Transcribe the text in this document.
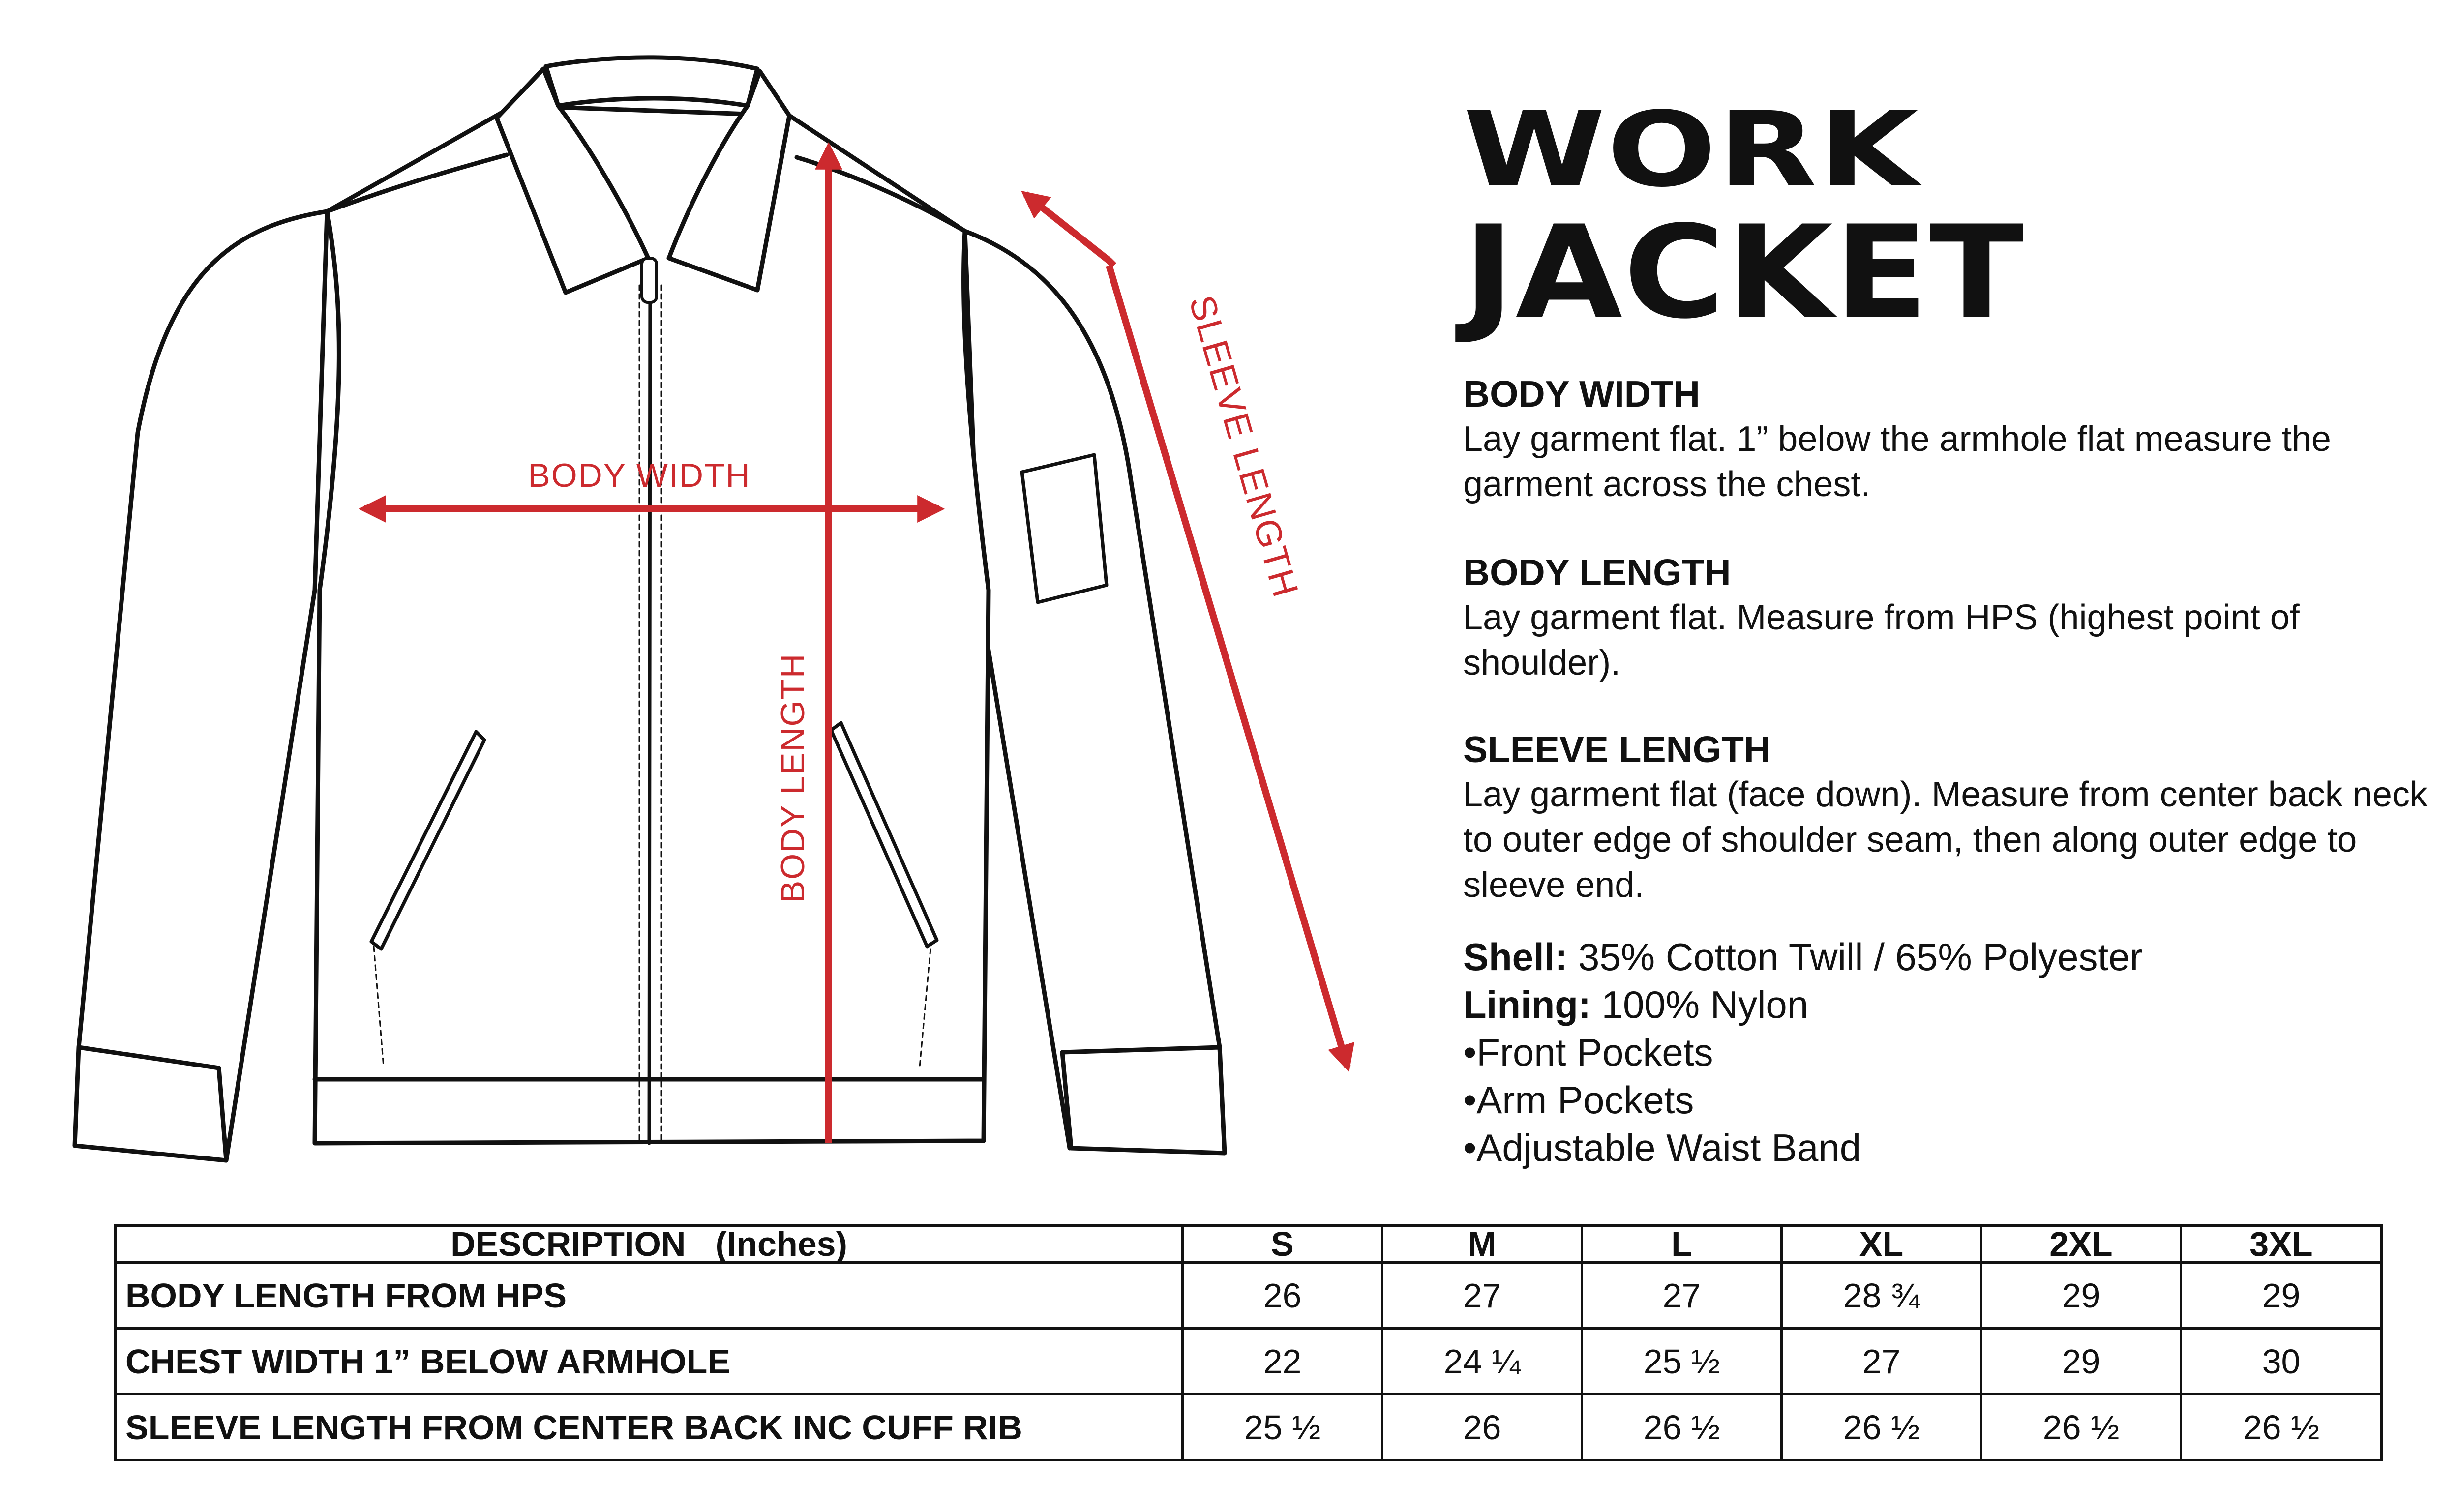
BODY WIDTH
BODY LENGTH
SLEEVE LENGTH
WORK
JACKET

BODY WIDTH

Lay garment flat. 1” below the armhole flat measure the garment across the chest.

BODY LENGTH

Lay garment flat. Measure from HPS (highest point of shoulder).

SLEEVE LENGTH

Lay garment flat (face down). Measure from center back neck to outer edge of shoulder seam, then along outer edge to sleeve end.

Shell: 35% Cotton Twill / 65% Polyester
Lining: 100% Nylon
•Front Pockets
•Arm Pockets
•Adjustable Waist Band
DESCRIPTION (Inches)	S	M	L	XL	2XL	3XL
BODY LENGTH FROM HPS	26	27	27	28 ¾	29	29
CHEST WIDTH 1” BELOW ARMHOLE	22	24 ¼	25 ½	27	29	30
SLEEVE LENGTH FROM CENTER BACK INC CUFF RIB	25 ½	26	26 ½	26 ½	26 ½	26 ½
